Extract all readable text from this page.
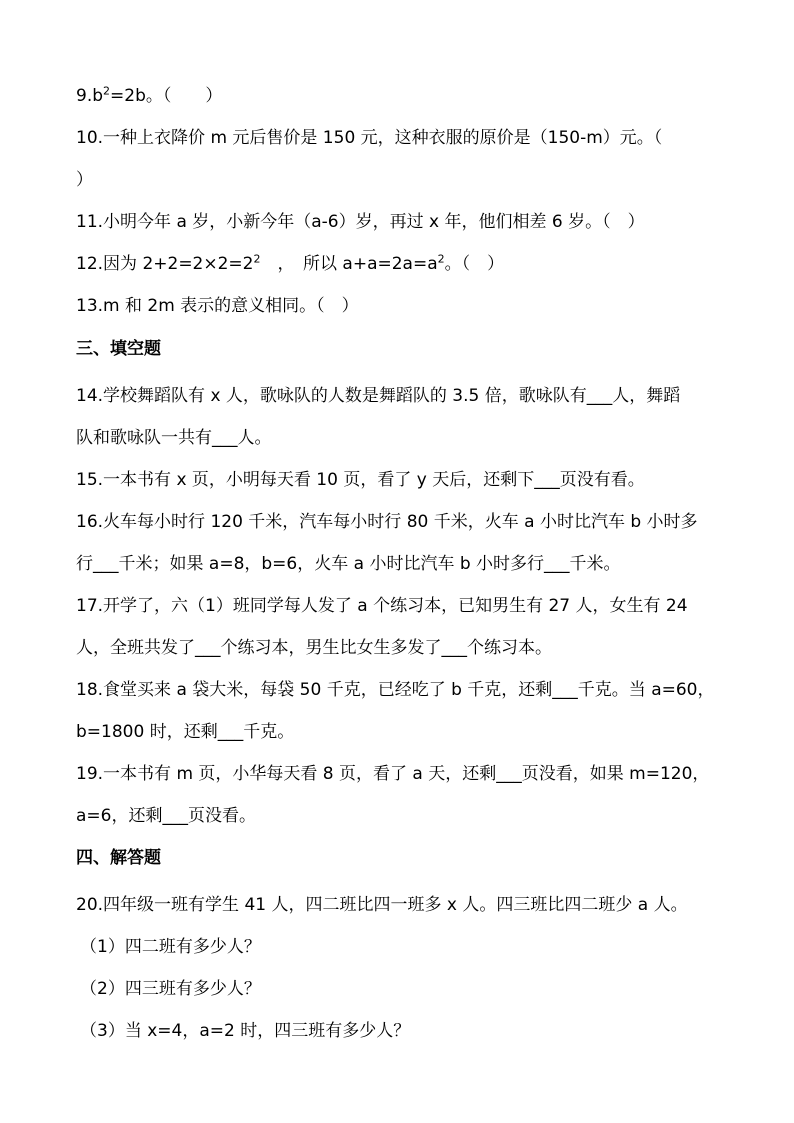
$9.b^2=2b$。（　　）
10.一种上衣降价 m 元后售价是 150 元，这种衣服的原价是（150-m）元。（
）
11.小明今年 a 岁，小新今年（a-6）岁，再过 x 年，他们相差 6 岁。（　）
12.因为 $2+2=2\times 2=2^2$　，　所以 $a+a=2a=a^2$。（　）
13.m 和 2m 表示的意义相同。（　）
三、填空题
14.学校舞蹈队有 x 人，歌咏队的人数是舞蹈队的 3.5 倍，歌咏队有___人，舞蹈
队和歌咏队一共有___人。
15.一本书有 x 页，小明每天看 10 页，看了 y 天后，还剩下___页没有看。
16.火车每小时行 120 千米，汽车每小时行 80 千米，火车 a 小时比汽车 b 小时多
行___千米；如果 a=8，b=6，火车 a 小时比汽车 b 小时多行___千米。
17.开学了，六（1）班同学每人发了 a 个练习本，已知男生有 27 人，女生有 24
人，全班共发了___个练习本，男生比女生多发了___个练习本。
18.食堂买来 a 袋大米，每袋 50 千克，已经吃了 b 千克，还剩___千克。当 a=60，
b=1800 时，还剩___千克。
19.一本书有 m 页，小华每天看 8 页，看了 a 天，还剩___页没看，如果 m=120，
a=6，还剩___页没看。
四、解答题
20.四年级一班有学生 41 人，四二班比四一班多 x 人。四三班比四二班少 a 人。
（1）四二班有多少人？
（2）四三班有多少人？
（3）当 x=4，a=2 时，四三班有多少人？
